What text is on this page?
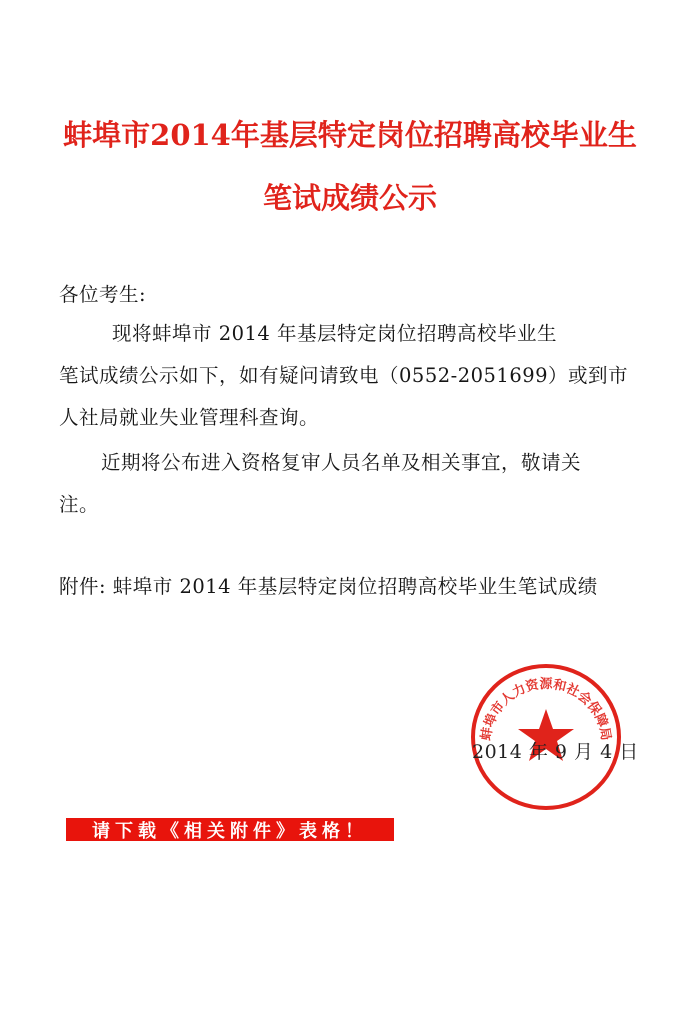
蚌埠市2014年基层特定岗位招聘高校毕业生
笔试成绩公示
各位考生:
现将蚌埠市 2014 年基层特定岗位招聘高校毕业生
笔试成绩公示如下，如有疑问请致电（0552-2051699）或到市
人社局就业失业管理科查询。
近期将公布进入资格复审人员名单及相关事宜，敬请关
注。
附件: 蚌埠市 2014 年基层特定岗位招聘高校毕业生笔试成绩
蚌埠市人力资源和社会保障局
2014 年 9 月 4 日
请下载《相关附件》表格！
